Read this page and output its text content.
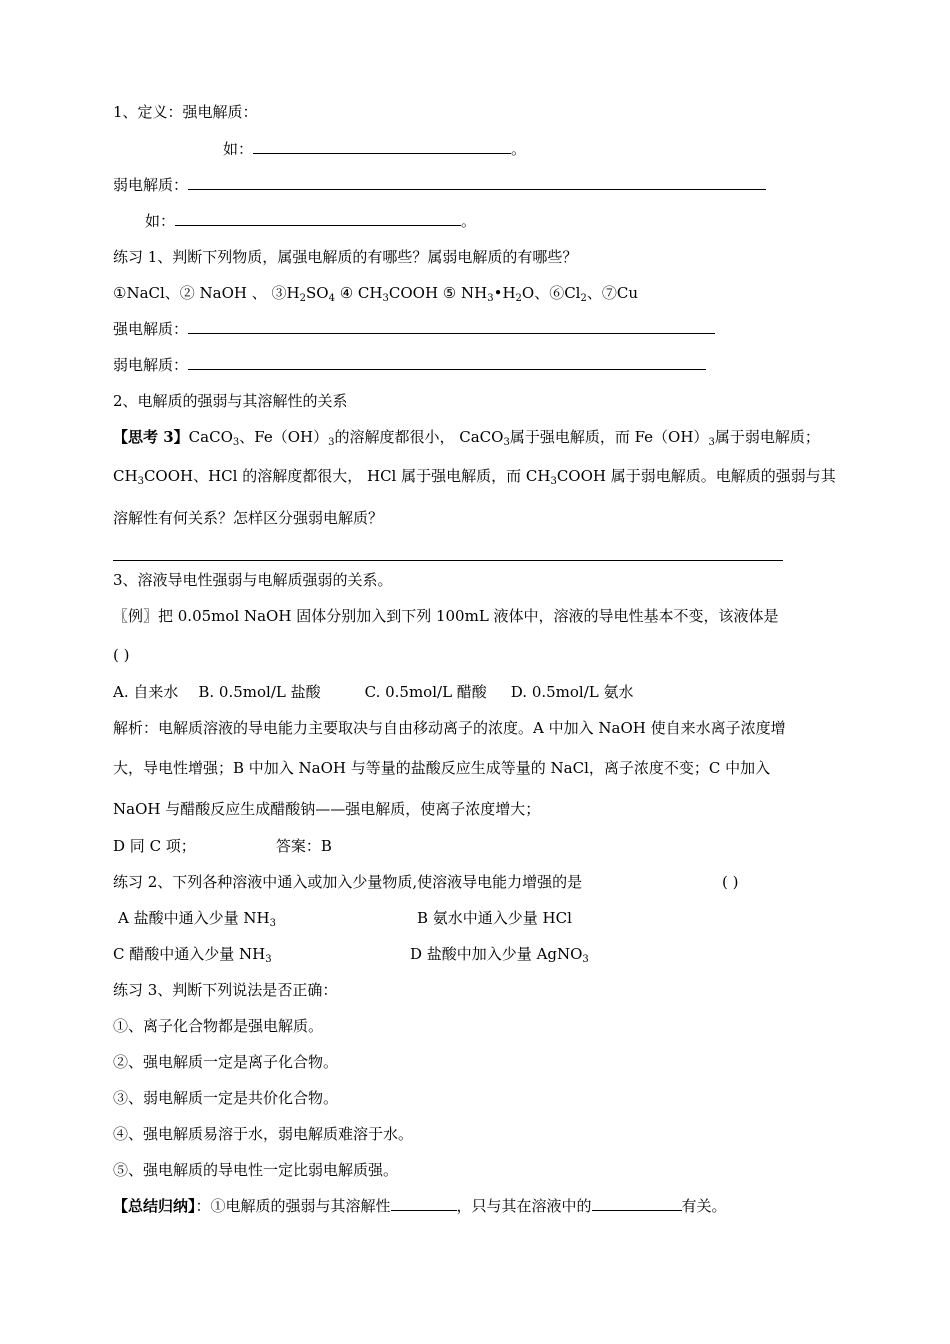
1、定义：强电解质：
如：	。
弱电解质：
如：	。
练习 1、判断下列物质，属强电解质的有哪些？属弱电解质的有哪些？
①NaCl、② NaOH 、 $③H_2SO_4$ ④ $CH_3COOH$ ⑤ $NH_3•H_2O$、$⑥Cl_2$、⑦Cu
强电解质：
弱电解质：
2、电解质的强弱与其溶解性的关系
【思考 3】CaCO$_3$、$Fe(OH)_3$的溶解度都很小， CaCO$_3$属于强电解质，而 $Fe(OH)_3$属于弱电解质；
$CH_3COOH$、HCl 的溶解度都很大， HCl 属于强电解质，而 $CH_3COOH$ 属于弱电解质。电解质的强弱与其
溶解性有何关系？怎样区分强弱电解质？
3、溶液导电性强弱与电解质强弱的关系。
〖例〗把 0.05mol NaOH 固体分别加入到下列 100mL 液体中，溶液的导电性基本不变，该液体是
( )
A. 自来水 B. 0.5mol/L 盐酸	C. 0.5mol/L 醋酸 D. 0.5mol/L 氨水
解析：电解质溶液的导电能力主要取决与自由移动离子的浓度。A 中加入 NaOH 使自来水离子浓度增
大，导电性增强；B 中加入 NaOH 与等量的盐酸反应生成等量的 NaCl，离子浓度不变；C 中加入
NaOH 与醋酸反应生成醋酸钠——强电解质，使离子浓度增大；
D 同 C 项；	答案：B
练习 2、下列各种溶液中通入或加入少量物质,使溶液导电能力增强的是	( )
A 盐酸中通入少量 $NH_3$	B 氨水中通入少量 HCl
C 醋酸中通入少量 $NH_3$	D 盐酸中加入少量 AgNO$_3$
练习 3、判断下列说法是否正确：
①、离子化合物都是强电解质。
②、强电解质一定是离子化合物。
③、弱电解质一定是共价化合物。
④、强电解质易溶于水，弱电解质难溶于水。
⑤、强电解质的导电性一定比弱电解质强。
【总结归纳】：①电解质的强弱与其溶解性	，只与其在溶液中的	有关。
